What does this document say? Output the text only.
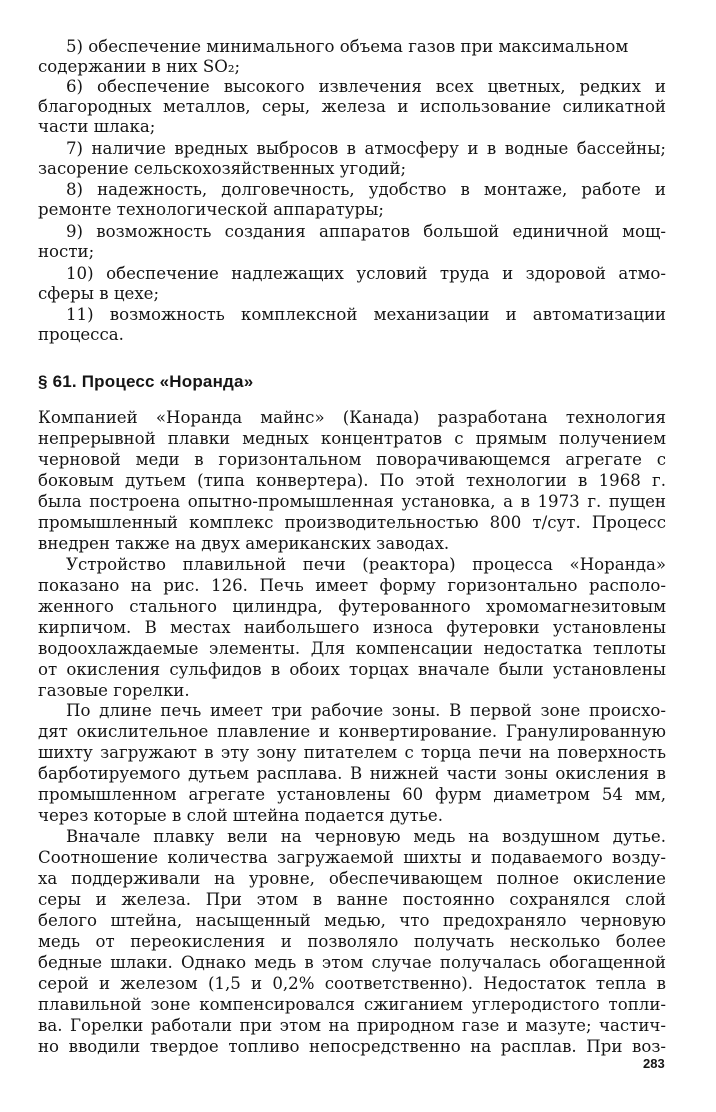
5) обеспечение минимального объема газов при максимальном
содержании в них SO₂;
6) обеспечение высокого извлечения всех цветных, редких и
благородных металлов, серы, железа и использование силикатной
части шлака;
7) наличие вредных выбросов в атмосферу и в водные бассейны;
засорение сельскохозяйственных угодий;
8) надежность, долговечность, удобство в монтаже, работе и
ремонте технологической аппаратуры;
9) возможность создания аппаратов большой единичной мощ-
ности;
10) обеспечение надлежащих условий труда и здоровой атмо-
сферы в цехе;
11) возможность комплексной механизации и автоматизации
процесса.
§ 61. Процесс «Норанда»
Компанией «Норанда майнс» (Канада) разработана технология
непрерывной плавки медных концентратов с прямым получением
черновой меди в горизонтальном поворачивающемся агрегате с
боковым дутьем (типа конвертера). По этой технологии в 1968 г.
была построена опытно-промышленная установка, а в 1973 г. пущен
промышленный комплекс производительностью 800 т/сут. Процесс
внедрен также на двух американских заводах.
Устройство плавильной печи (реактора) процесса «Норанда»
показано на рис. 126. Печь имеет форму горизонтально располо-
женного стального цилиндра, футерованного хромомагнезитовым
кирпичом. В местах наибольшего износа футеровки установлены
водоохлаждаемые элементы. Для компенсации недостатка теплоты
от окисления сульфидов в обоих торцах вначале были установлены
газовые горелки.
По длине печь имеет три рабочие зоны. В первой зоне происхо-
дят окислительное плавление и конвертирование. Гранулированную
шихту загружают в эту зону питателем с торца печи на поверхность
барботируемого дутьем расплава. В нижней части зоны окисления в
промышленном агрегате установлены 60 фурм диаметром 54 мм,
через которые в слой штейна подается дутье.
Вначале плавку вели на черновую медь на воздушном дутье.
Соотношение количества загружаемой шихты и подаваемого возду-
ха поддерживали на уровне, обеспечивающем полное окисление
серы и железа. При этом в ванне постоянно сохранялся слой
белого штейна, насыщенный медью, что предохраняло черновую
медь от переокисления и позволяло получать несколько более
бедные шлаки. Однако медь в этом случае получалась обогащенной
серой и железом (1,5 и 0,2% соответственно). Недостаток тепла в
плавильной зоне компенсировался сжиганием углеродистого топли-
ва. Горелки работали при этом на природном газе и мазуте; частич-
но вводили твердое топливо непосредственно на расплав. При воз-
283
